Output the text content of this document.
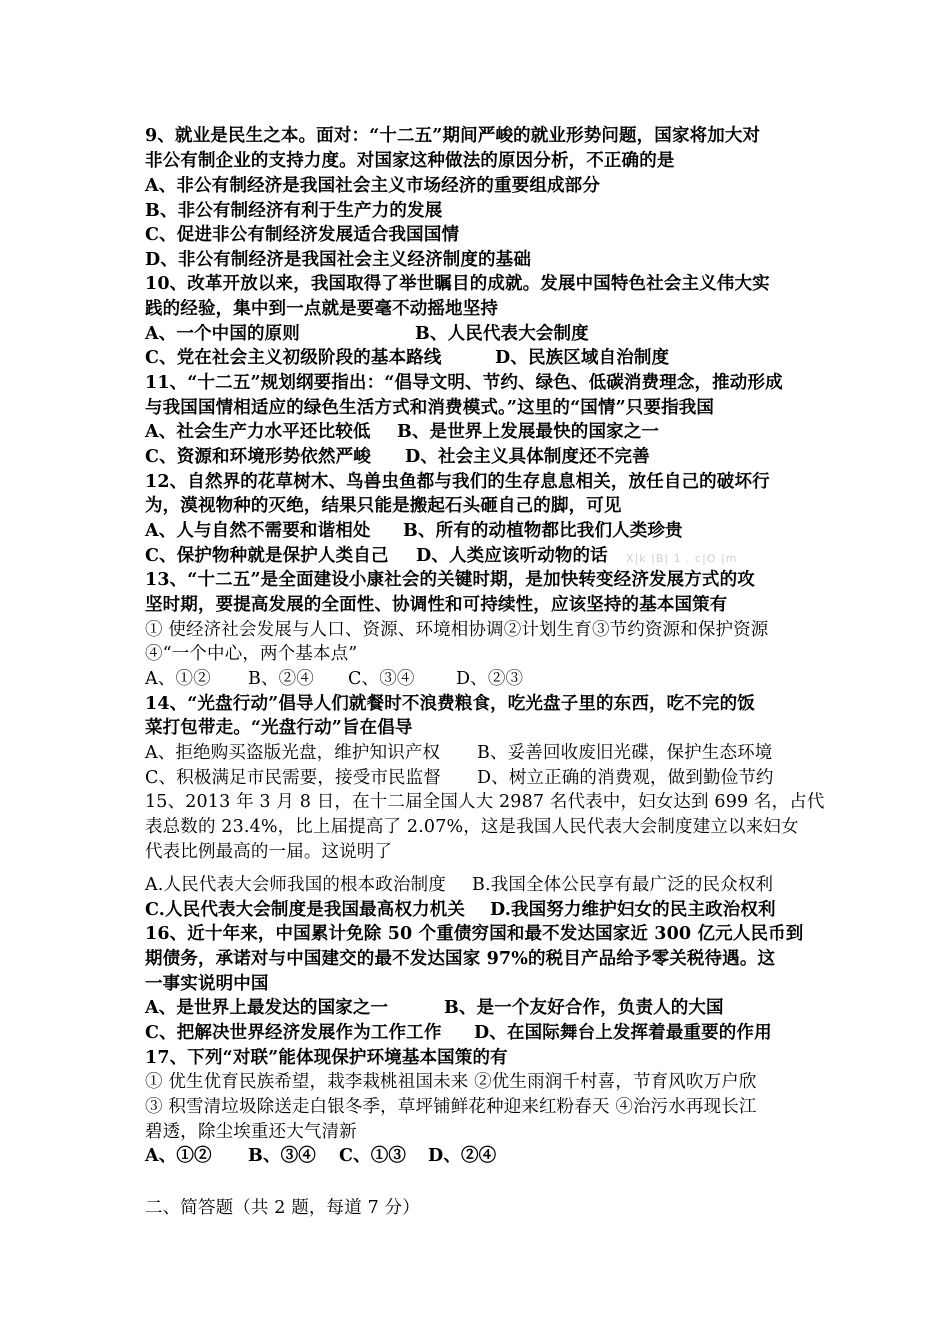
9、就业是民生之本。面对：“十二五”期间严峻的就业形势问题，国家将加大对
非公有制企业的支持力度。对国家这种做法的原因分析，不正确的是
A、非公有制经济是我国社会主义市场经济的重要组成部分
B、非公有制经济有利于生产力的发展
C、促进非公有制经济发展适合我国国情
D、非公有制经济是我国社会主义经济制度的基础
10、改革开放以来，我国取得了举世瞩目的成就。发展中国特色社会主义伟大实
践的经验，集中到一点就是要毫不动摇地坚持
A、一个中国的原则	B、人民代表大会制度
C、党在社会主义初级阶段的基本路线	D、民族区域自治制度
11、“十二五”规划纲要指出：“倡导文明、节约、绿色、低碳消费理念，推动形成
与我国国情相适应的绿色生活方式和消费模式。”这里的“国情”只要指我国
A、社会生产力水平还比较低 B、是世界上发展最快的国家之一
C、资源和环境形势依然严峻 D、社会主义具体制度还不完善
12、自然界的花草树木、鸟兽虫鱼都与我们的生存息息相关，放任自己的破坏行
为，漠视物种的灭绝，结果只能是搬起石头砸自己的脚，可见
A、人与自然不需要和谐相处 B、所有的动植物都比我们人类珍贵
C、保护物种就是保护人类自己 D、人类应该听动物的话 X|k |B| 1 . c|O |m
13、“十二五”是全面建设小康社会的关键时期，是加快转变经济发展方式的攻
坚时期，要提高发展的全面性、协调性和可持续性，应该坚持的基本国策有
① 使经济社会发展与人口、资源、环境相协调②计划生育③节约资源和保护资源
④“一个中心，两个基本点”
A、①② B、②④ C、③④ D、②③
14、“光盘行动”倡导人们就餐时不浪费粮食，吃光盘子里的东西，吃不完的饭
菜打包带走。“光盘行动”旨在倡导
A、拒绝购买盗版光盘，维护知识产权 B、妥善回收废旧光碟，保护生态环境
C、积极满足市民需要，接受市民监督 D、树立正确的消费观，做到勤俭节约
15、2013 年 3 月 8 日，在十二届全国人大 2987 名代表中，妇女达到 699 名，占代
表总数的 23.4%，比上届提高了 2.07%，这是我国人民代表大会制度建立以来妇女
代表比例最高的一届。这说明了
A.人民代表大会师我国的根本政治制度 B.我国全体公民享有最广泛的民众权利
C.人民代表大会制度是我国最高权力机关 D.我国努力维护妇女的民主政治权利
16、近十年来，中国累计免除 50 个重债穷国和最不发达国家近 300 亿元人民币到
期债务，承诺对与中国建交的最不发达国家 97%的税目产品给予零关税待遇。这
一事实说明中国
A、是世界上最发达的国家之一	B、是一个友好合作，负责人的大国
C、把解决世界经济发展作为工作工作 D、在国际舞台上发挥着最重要的作用
17、下列“对联”能体现保护环境基本国策的有
① 优生优育民族希望，栽李栽桃祖国未来 ②优生雨润千村喜，节育风吹万户欣
③ 积雪清垃圾除送走白银冬季，草坪铺鲜花种迎来红粉春天 ④治污水再现长江
碧透，除尘埃重还大气清新
A、①② B、③④ C、①③ D、②④
二、简答题（共 2 题，每道 7 分）
